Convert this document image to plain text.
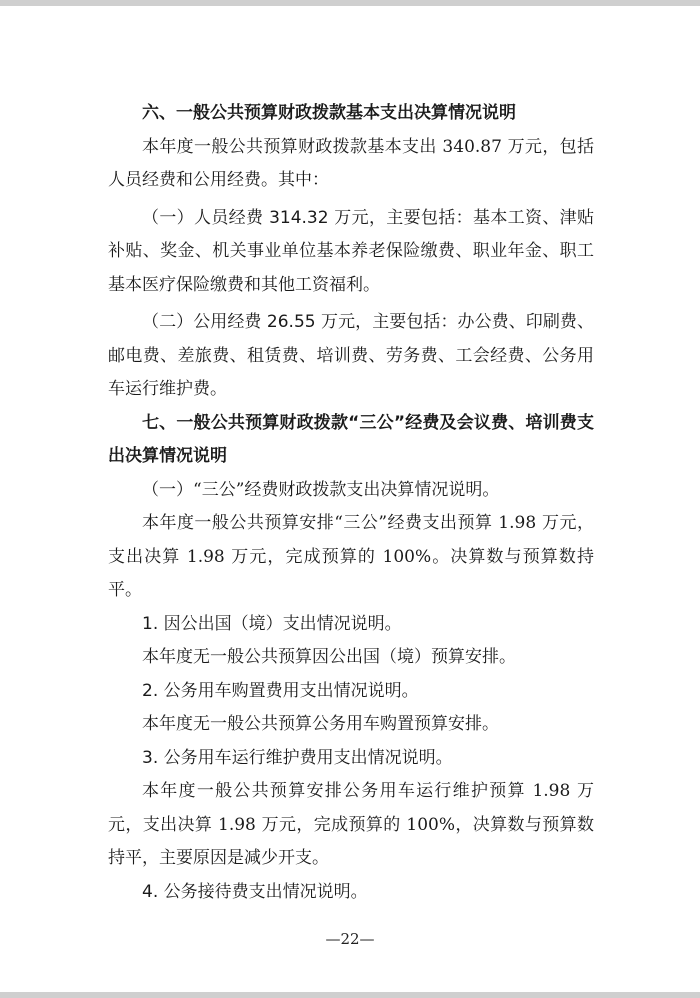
六、一般公共预算财政拨款基本支出决算情况说明

本年度一般公共预算财政拨款基本支出 340.87 万元，包括人员经费和公用经费。其中：

（一）人员经费 314.32 万元，主要包括：基本工资、津贴补贴、奖金、机关事业单位基本养老保险缴费、职业年金、职工基本医疗保险缴费和其他工资福利。

（二）公用经费 26.55 万元，主要包括：办公费、印刷费、邮电费、差旅费、租赁费、培训费、劳务费、工会经费、公务用车运行维护费。

七、一般公共预算财政拨款“三公”经费及会议费、培训费支出决算情况说明

（一）“三公”经费财政拨款支出决算情况说明。

本年度一般公共预算安排“三公”经费支出预算 1.98 万元，支出决算 1.98 万元，完成预算的 100%。决算数与预算数持平。

1. 因公出国（境）支出情况说明。

本年度无一般公共预算因公出国（境）预算安排。

2. 公务用车购置费用支出情况说明。

本年度无一般公共预算公务用车购置预算安排。

3. 公务用车运行维护费用支出情况说明。

本年度一般公共预算安排公务用车运行维护预算 1.98 万元，支出决算 1.98 万元，完成预算的 100%，决算数与预算数持平，主要原因是减少开支。

4. 公务接待费支出情况说明。

—22—
